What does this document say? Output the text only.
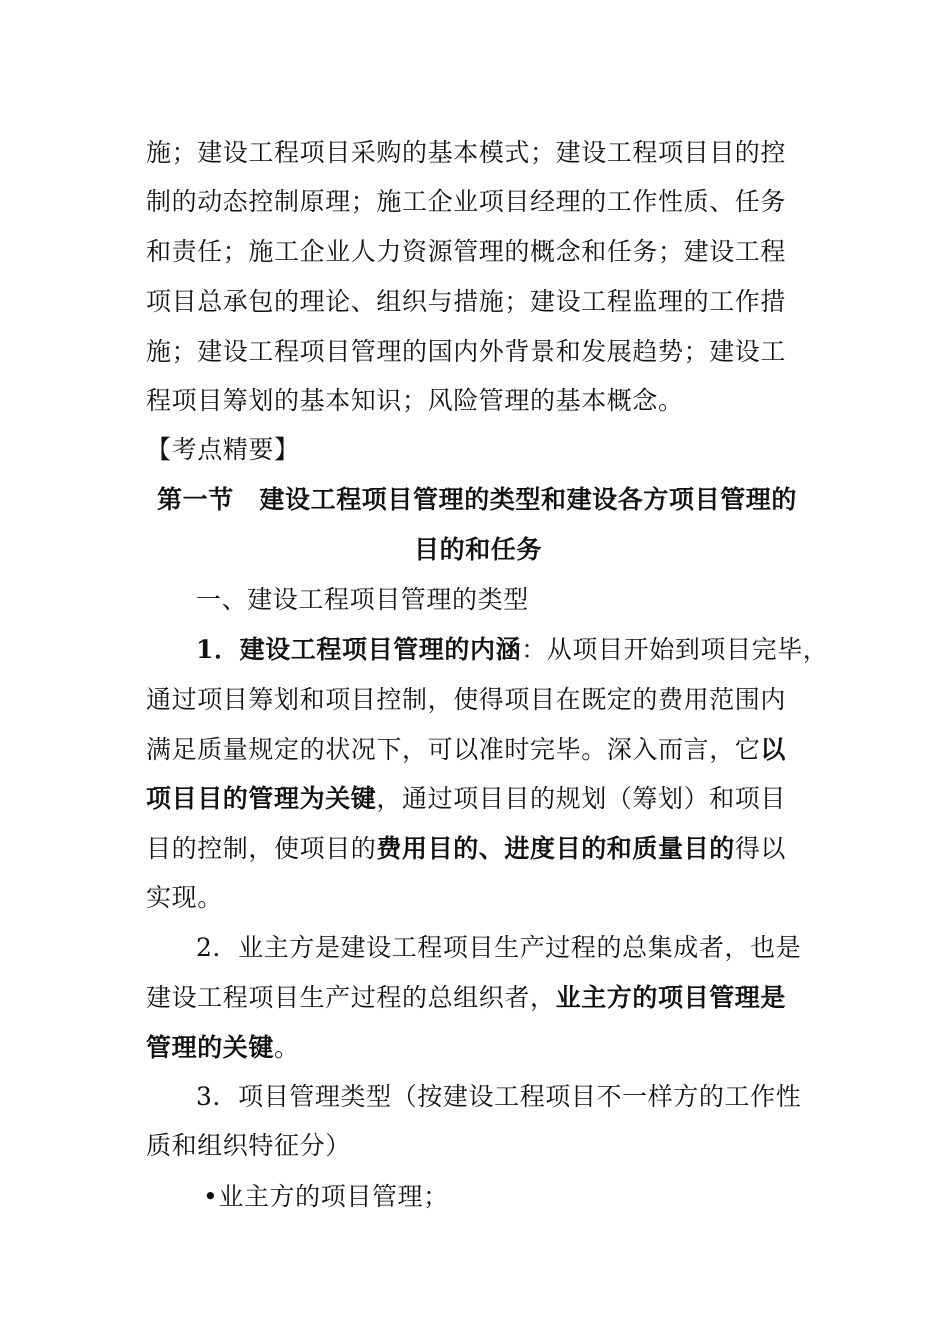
施；建设工程项目采购的基本模式；建设工程项目目的控
制的动态控制原理；施工企业项目经理的工作性质、任务
和责任；施工企业人力资源管理的概念和任务；建设工程
项目总承包的理论、组织与措施；建设工程监理的工作措
施；建设工程项目管理的国内外背景和发展趋势；建设工
程项目筹划的基本知识；风险管理的基本概念。
【考点精要】
第一节　建设工程项目管理的类型和建设各方项目管理的
目的和任务
一、建设工程项目管理的类型
1．建设工程项目管理的内涵：从项目开始到项目完毕，
通过项目筹划和项目控制，使得项目在既定的费用范围内
满足质量规定的状况下，可以准时完毕。深入而言，它以
项目目的管理为关键，通过项目目的规划（筹划）和项目
目的控制，使项目的费用目的、进度目的和质量目的得以
实现。
2．业主方是建设工程项目生产过程的总集成者，也是
建设工程项目生产过程的总组织者，业主方的项目管理是
管理的关键。
3．项目管理类型（按建设工程项目不一样方的工作性
质和组织特征分）
•业主方的项目管理；
